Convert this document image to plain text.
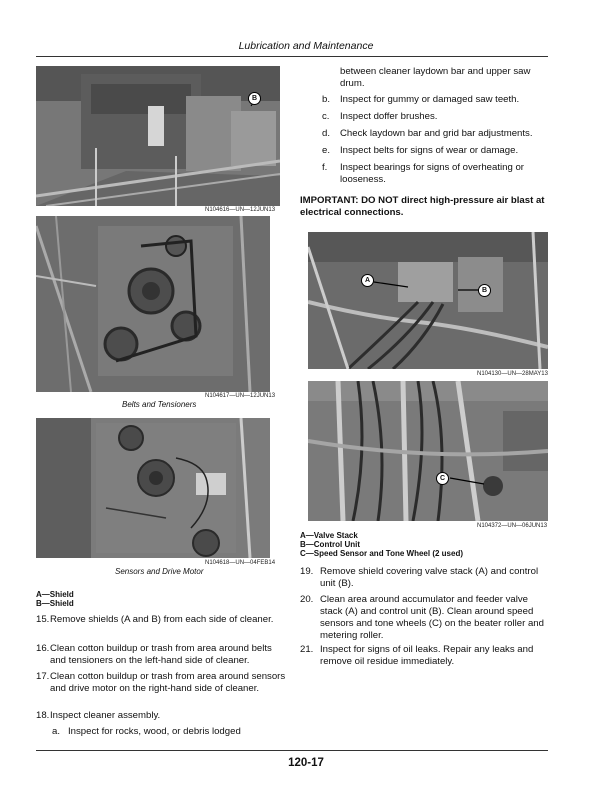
Lubrication and Maintenance
B
N104616—UN—12JUN13
N104617—UN—12JUN13
Belts and Tensioners
N104618—UN—04FEB14
Sensors and Drive Motor
A—Shield
B—Shield
15. Remove shields (A and B) from each side of cleaner.
16. Clean cotton buildup or trash from area around belts and tensioners on the left-hand side of cleaner.
17. Clean cotton buildup or trash from area around sensors and drive motor on the right-hand side of cleaner.
18. Inspect cleaner assembly.
a. Inspect for rocks, wood, or debris lodged
between cleaner laydown bar and upper saw drum.
b. Inspect for gummy or damaged saw teeth.
c. Inspect doffer brushes.
d. Check laydown bar and grid bar adjustments.
e. Inspect belts for signs of wear or damage.
f. Inspect bearings for signs of overheating or looseness.
IMPORTANT: DO NOT direct high-pressure air blast at electrical connections.
A
B
N104130—UN—28MAY13
C
N104372—UN—06JUN13
A—Valve Stack
B—Control Unit
C—Speed Sensor and Tone Wheel (2 used)
19. Remove shield covering valve stack (A) and control unit (B).
20. Clean area around accumulator and feeder valve stack (A) and control unit (B). Clean around speed sensors and tone wheels (C) on the beater roller and metering roller.
21. Inspect for signs of oil leaks. Repair any leaks and remove oil residue immediately.
120-17
